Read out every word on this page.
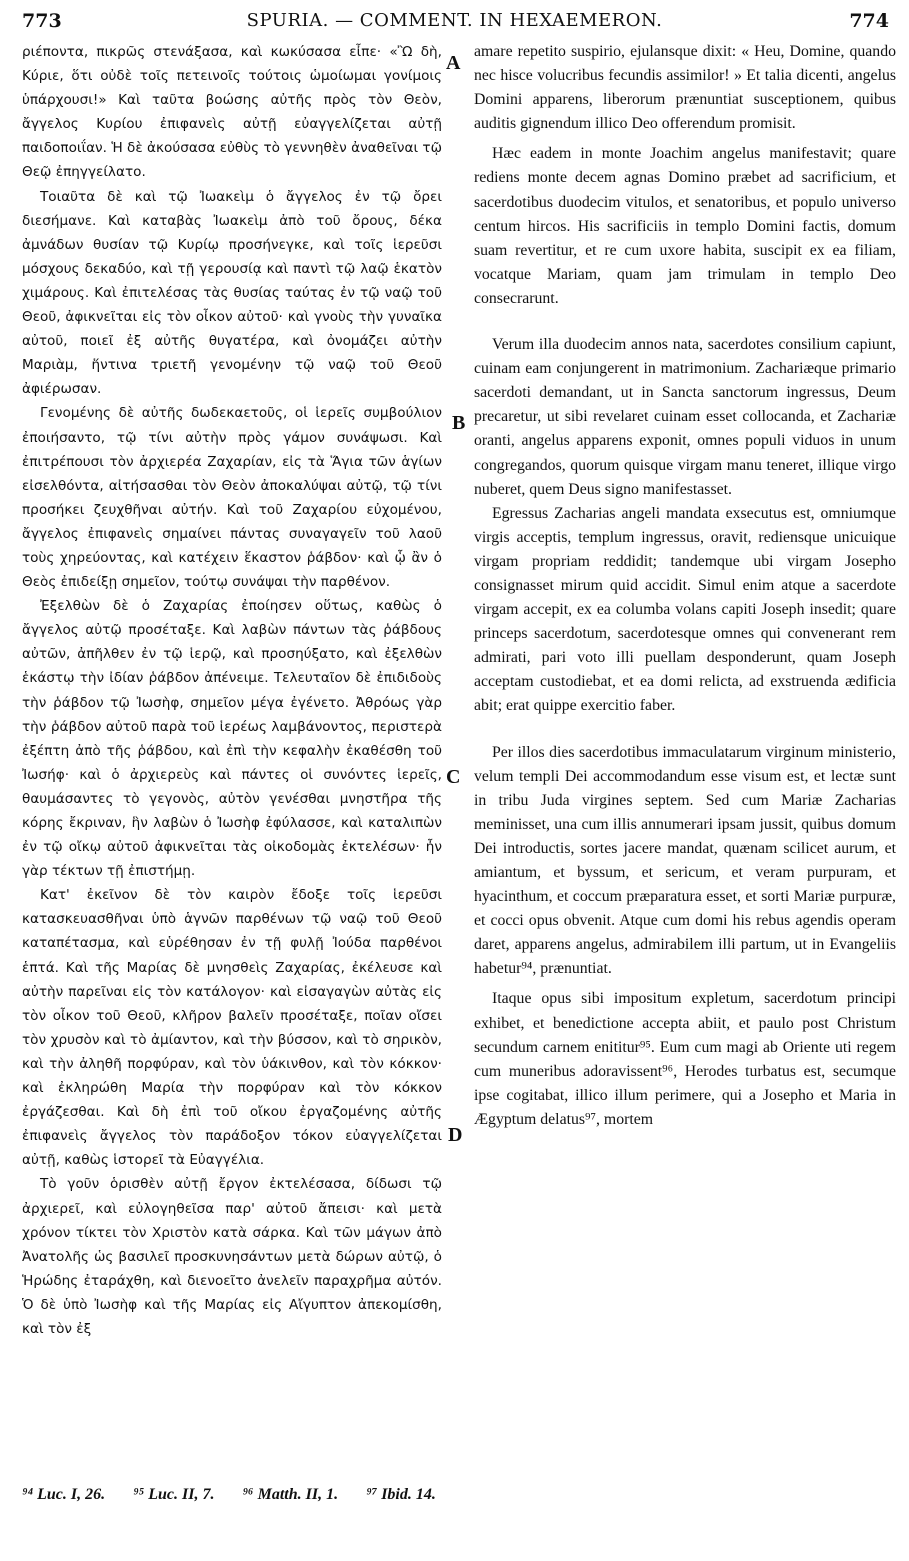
773	SPURIA. — COMMENT. IN HEXAEMERON.	774

ριέποντα, πικρῶς στενάξασα, καὶ κωκύσασα εἶπε· «Ὢ δὴ, Κύριε, ὅτι οὐδὲ τοῖς πετεινοῖς τούτοις ὡμοίωμαι γονίμοις ὑπάρχουσι!» Καὶ ταῦτα βοώσης αὐτῆς πρὸς τὸν Θεὸν, ἄγγελος Κυρίου ἐπιφανεὶς αὐτῇ εὐαγγελίζεται αὐτῇ παιδοποιΐαν. Ἡ δὲ ἀκούσασα εὐθὺς τὸ γεννηθὲν ἀναθεῖναι τῷ Θεῷ ἐπηγγείλατο.

Τοιαῦτα δὲ καὶ τῷ Ἰωακεὶμ ὁ ἄγγελος ἐν τῷ ὄρει διεσήμανε. Καὶ καταβὰς Ἰωακεὶμ ἀπὸ τοῦ ὄρους, δέκα ἀμνάδων θυσίαν τῷ Κυρίῳ προσήνεγκε, καὶ τοῖς ἱερεῦσι μόσχους δεκαδύο, καὶ τῇ γερουσίᾳ καὶ παντὶ τῷ λαῷ ἑκατὸν χιμάρους. Καὶ ἐπιτελέσας τὰς θυσίας ταύτας ἐν τῷ ναῷ τοῦ Θεοῦ, ἀφικνεῖται εἰς τὸν οἶκον αὐτοῦ· καὶ γνοὺς τὴν γυναῖκα αὐτοῦ, ποιεῖ ἐξ αὐτῆς θυγατέρα, καὶ ὀνομάζει αὐτὴν Μαριὰμ, ἥντινα τριετῆ γενομένην τῷ ναῷ τοῦ Θεοῦ ἀφιέρωσαν.

Γενομένης δὲ αὐτῆς δωδεκαετοῦς, οἱ ἱερεῖς συμβούλιον ἐποιήσαντο, τῷ τίνι αὐτὴν πρὸς γάμον συνάψωσι. Καὶ ἐπιτρέπουσι τὸν ἀρχιερέα Ζαχαρίαν, εἰς τὰ Ἅγια τῶν ἁγίων εἰσελθόντα, αἰτήσασθαι τὸν Θεὸν ἀποκαλύψαι αὐτῷ, τῷ τίνι προσήκει ζευχθῆναι αὐτήν. Καὶ τοῦ Ζαχαρίου εὐχομένου, ἄγγελος ἐπιφανεὶς σημαίνει πάντας συναγαγεῖν τοῦ λαοῦ τοὺς χηρεύοντας, καὶ κατέχειν ἕκαστον ῥάβδον· καὶ ᾧ ἂν ὁ Θεὸς ἐπιδείξῃ σημεῖον, τούτῳ συνάψαι τὴν παρθένον.

Ἐξελθὼν δὲ ὁ Ζαχαρίας ἐποίησεν οὕτως, καθὼς ὁ ἄγγελος αὐτῷ προσέταξε. Καὶ λαβὼν πάντων τὰς ῥάβδους αὐτῶν, ἀπῆλθεν ἐν τῷ ἱερῷ, καὶ προσηύξατο, καὶ ἐξελθὼν ἑκάστῳ τὴν ἰδίαν ῥάβδον ἀπένειμε. Τελευταῖον δὲ ἐπιδιδοὺς τὴν ῥάβδον τῷ Ἰωσὴφ, σημεῖον μέγα ἐγένετο. Ἀθρόως γὰρ τὴν ῥάβδον αὐτοῦ παρὰ τοῦ ἱερέως λαμβάνοντος, περιστερὰ ἐξέπτη ἀπὸ τῆς ῥάβδου, καὶ ἐπὶ τὴν κεφαλὴν ἐκαθέσθη τοῦ Ἰωσήφ· καὶ ὁ ἀρχιερεὺς καὶ πάντες οἱ συνόντες ἱερεῖς, θαυμάσαντες τὸ γεγονὸς, αὐτὸν γενέσθαι μνηστῆρα τῆς κόρης ἔκριναν, ἣν λαβὼν ὁ Ἰωσὴφ ἐφύλασσε, καὶ καταλιπὼν ἐν τῷ οἴκῳ αὐτοῦ ἀφικνεῖται τὰς οἰκοδομὰς ἐκτελέσων· ἦν γὰρ τέκτων τῇ ἐπιστήμῃ.

Κατ' ἐκεῖνον δὲ τὸν καιρὸν ἔδοξε τοῖς ἱερεῦσι κατασκευασθῆναι ὑπὸ ἁγνῶν παρθένων τῷ ναῷ τοῦ Θεοῦ καταπέτασμα, καὶ εὑρέθησαν ἐν τῇ φυλῇ Ἰούδα παρθένοι ἑπτά. Καὶ τῆς Μαρίας δὲ μνησθεὶς Ζαχαρίας, ἐκέλευσε καὶ αὐτὴν παρεῖναι εἰς τὸν κατάλογον· καὶ εἰσαγαγὼν αὐτὰς εἰς τὸν οἶκον τοῦ Θεοῦ, κλῆρον βαλεῖν προσέταξε, ποῖαν οἴσει τὸν χρυσὸν καὶ τὸ ἀμίαντον, καὶ τὴν βύσσον, καὶ τὸ σηρικὸν, καὶ τὴν ἀληθῆ πορφύραν, καὶ τὸν ὑάκινθον, καὶ τὸν κόκκον· καὶ ἐκληρώθη Μαρία τὴν πορφύραν καὶ τὸν κόκκον ἐργάζεσθαι. Καὶ δὴ ἐπὶ τοῦ οἴκου ἐργαζομένης αὐτῆς ἐπιφανεὶς ἄγγελος τὸν παράδοξον τόκον εὐαγγελίζεται αὐτῇ, καθὼς ἱστορεῖ τὰ Εὐαγγέλια.

Τὸ γοῦν ὁρισθὲν αὐτῇ ἔργον ἐκτελέσασα, δίδωσι τῷ ἀρχιερεῖ, καὶ εὐλογηθεῖσα παρ' αὐτοῦ ἄπεισι· καὶ μετὰ χρόνον τίκτει τὸν Χριστὸν κατὰ σάρκα. Καὶ τῶν μάγων ἀπὸ Ἀνατολῆς ὡς βασιλεῖ προσκυνησάντων μετὰ δώρων αὐτῷ, ὁ Ἡρώδης ἐταράχθη, καὶ διενοεῖτο ἀνελεῖν παραχρῆμα αὐτόν. Ὁ δὲ ὑπὸ Ἰωσὴφ καὶ τῆς Μαρίας εἰς Αἴγυπτον ἀπεκομίσθη, καὶ τὸν ἐξ

A
B
C
D

amare repetito suspirio, ejulansque dixit: « Heu, Domine, quando nec hisce volucribus fecundis assimilor! » Et talia dicenti, angelus Domini apparens, liberorum prænuntiat susceptionem, quibus auditis gignendum illico Deo offerendum promisit.

Hæc eadem in monte Joachim angelus manifestavit; quare rediens monte decem agnas Domino præbet ad sacrificium, et sacerdotibus duodecim vitulos, et senatoribus, et populo universo centum hircos. His sacrificiis in templo Domini factis, domum suam revertitur, et re cum uxore habita, suscipit ex ea filiam, vocatque Mariam, quam jam trimulam in templo Deo consecrarunt.

Verum illa duodecim annos nata, sacerdotes consilium capiunt, cuinam eam conjungerent in matrimonium. Zachariæque primario sacerdoti demandant, ut in Sancta sanctorum ingressus, Deum precaretur, ut sibi revelaret cuinam esset collocanda, et Zachariæ oranti, angelus apparens exponit, omnes populi viduos in unum congregandos, quorum quisque virgam manu teneret, illique virgo nuberet, quem Deus signo manifestasset.

Egressus Zacharias angeli mandata exsecutus est, omniumque virgis acceptis, templum ingressus, oravit, rediensque unicuique virgam propriam reddidit; tandemque ubi virgam Josepho consignasset mirum quid accidit. Simul enim atque a sacerdote virgam accepit, ex ea columba volans capiti Joseph insedit; quare princeps sacerdotum, sacerdotesque omnes qui convenerant rem admirati, pari voto illi puellam desponderunt, quam Joseph acceptam custodiebat, et ea domi relicta, ad exstruenda ædificia abit; erat quippe exercitio faber.

Per illos dies sacerdotibus immaculatarum virginum ministerio, velum templi Dei accommodandum esse visum est, et lectæ sunt in tribu Juda virgines septem. Sed cum Mariæ Zacharias meminisset, una cum illis annumerari ipsam jussit, quibus domum Dei introductis, sortes jacere mandat, quænam scilicet aurum, et amiantum, et byssum, et sericum, et veram purpuram, et hyacinthum, et coccum præparatura esset, et sorti Mariæ purpuræ, et cocci opus obvenit. Atque cum domi his rebus agendis operam daret, apparens angelus, admirabilem illi partum, ut in Evangeliis habetur⁹⁴, prænuntiat.

Itaque opus sibi impositum expletum, sacerdotum principi exhibet, et benedictione accepta abiit, et paulo post Christum secundum carnem enititur⁹⁵. Eum cum magi ab Oriente uti regem cum muneribus adoravissent⁹⁶, Herodes turbatus est, secumque ipse cogitabat, illico illum perimere, qui a Josepho et Maria in Ægyptum delatus⁹⁷, mortem

⁹⁴ Luc. I, 26. ⁹⁵ Luc. II, 7. ⁹⁶ Matth. II, 1. ⁹⁷ Ibid. 14.
